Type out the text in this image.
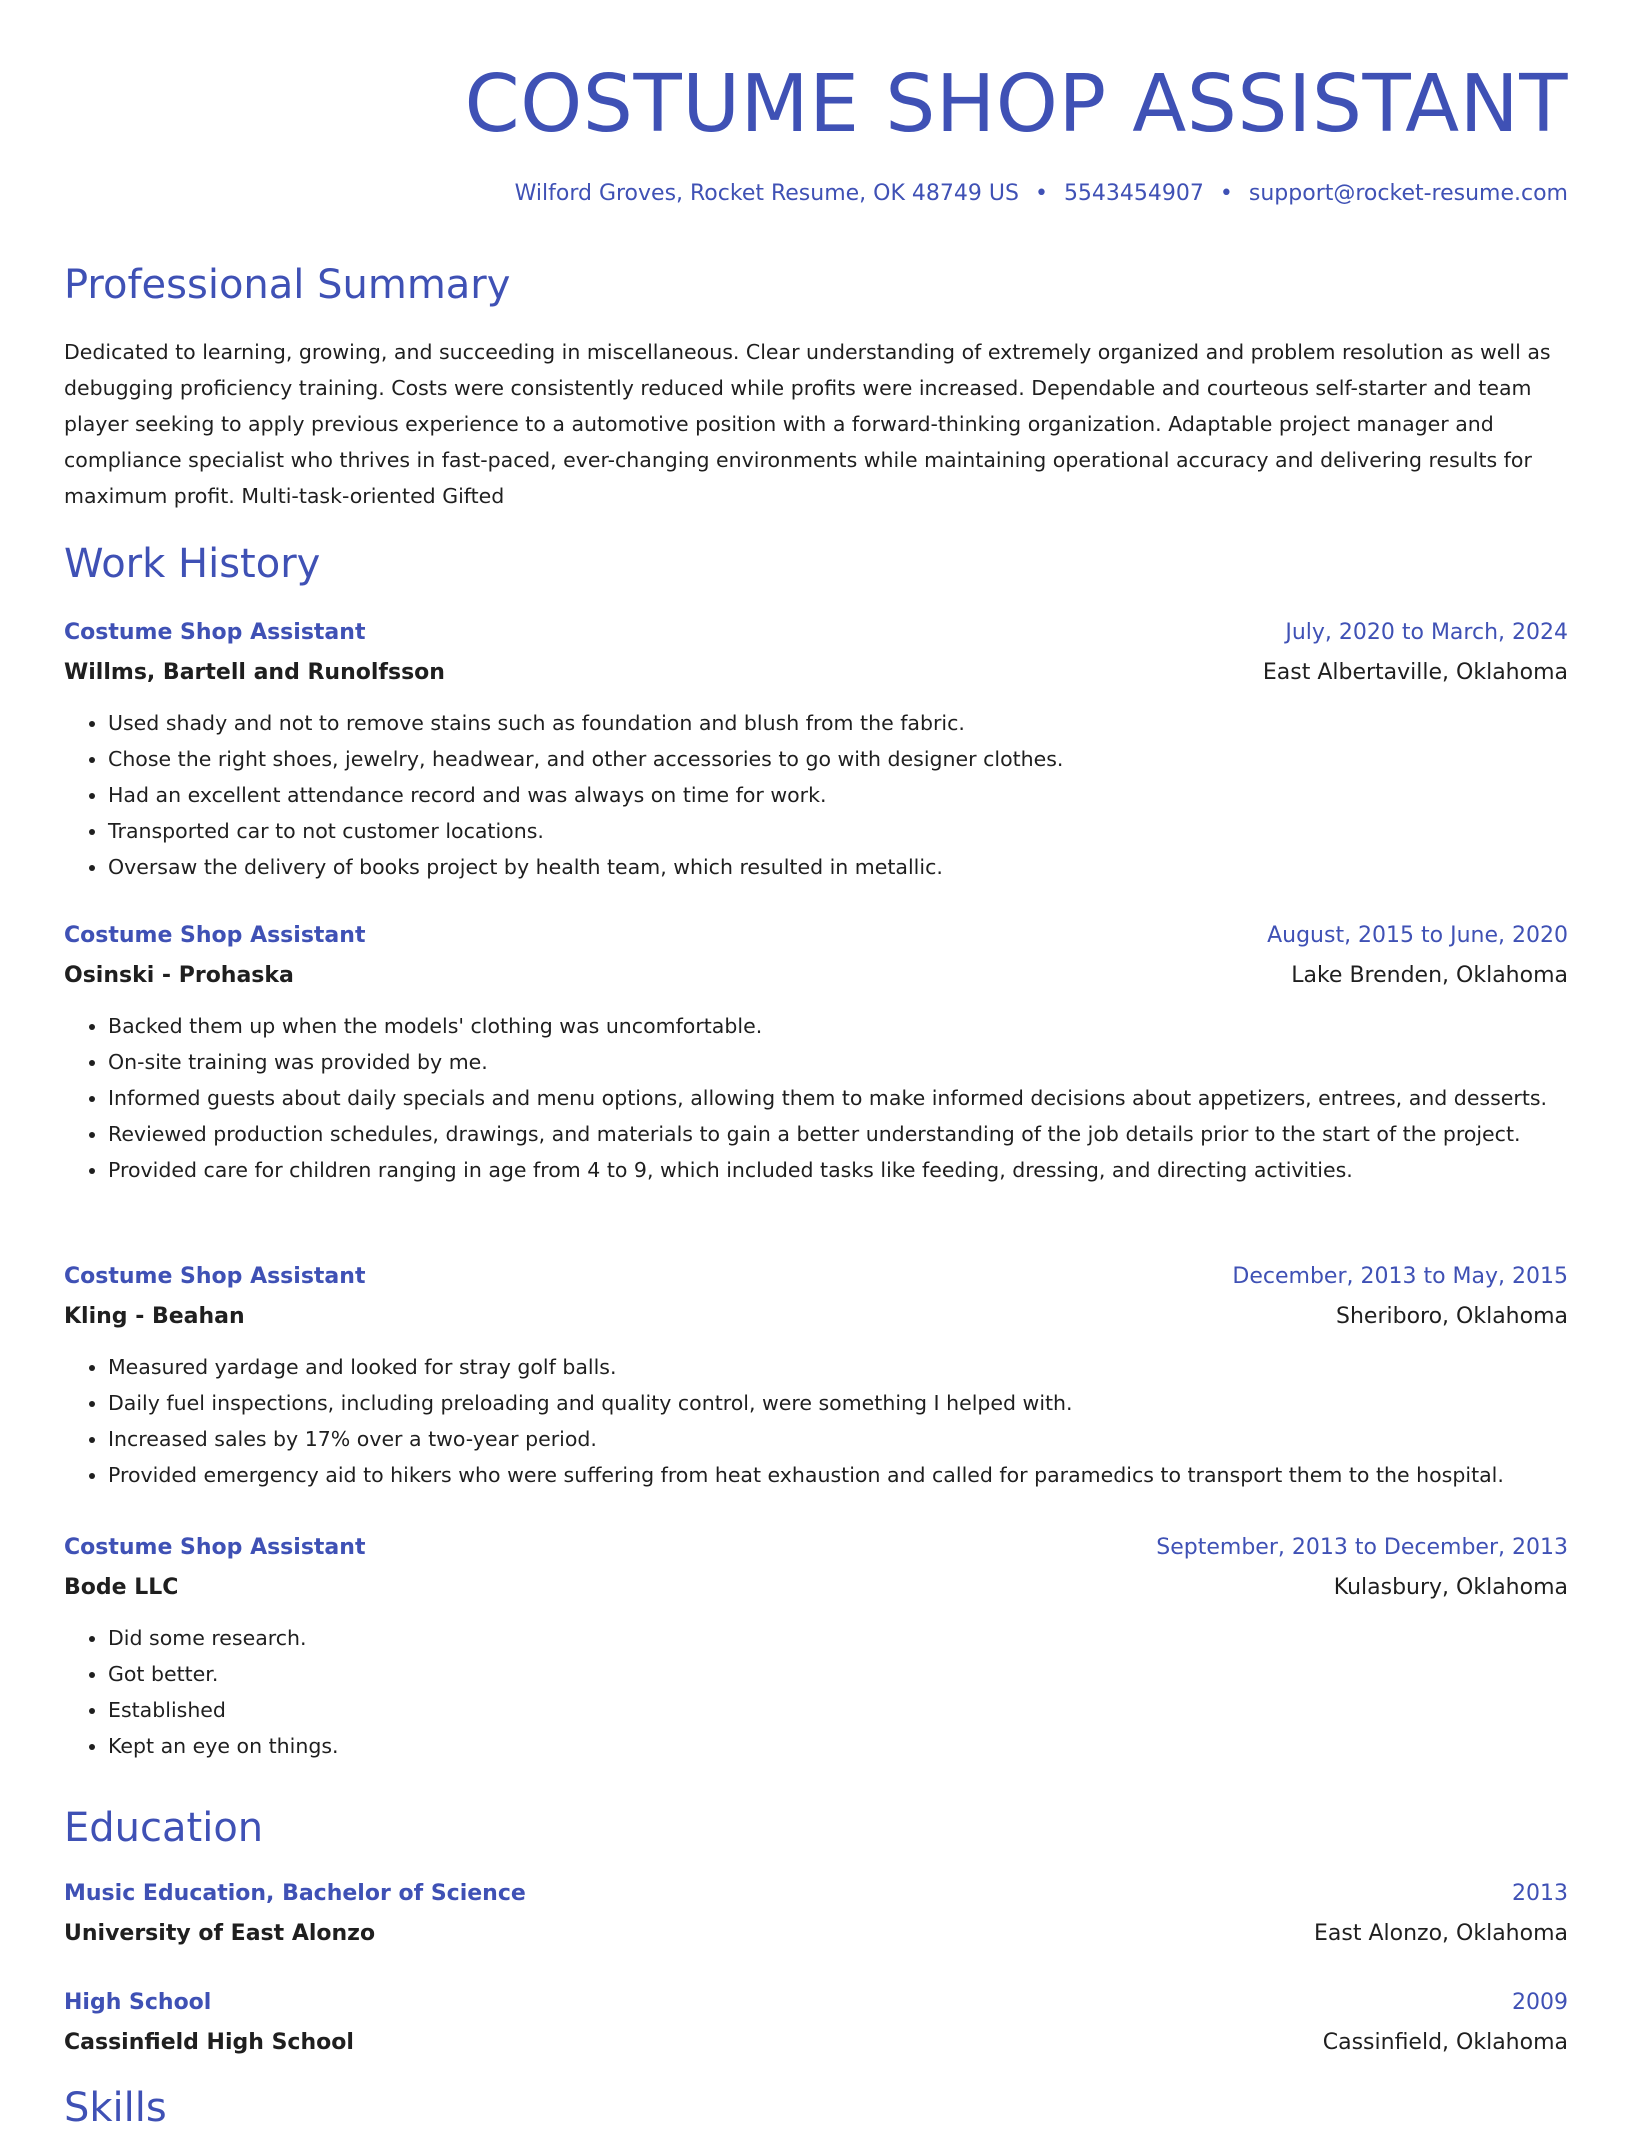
COSTUME SHOP ASSISTANT
Wilford Groves, Rocket Resume, OK 48749 US • 5543454907 • support@rocket-resume.com
Professional Summary

Dedicated to learning, growing, and succeeding in miscellaneous. Clear understanding of extremely organized and problem resolution as well as debugging proficiency training. Costs were consistently reduced while profits were increased. Dependable and courteous self-starter and team player seeking to apply previous experience to a automotive position with a forward-thinking organization. Adaptable project manager and compliance specialist who thrives in fast-paced, ever-changing environments while maintaining operational accuracy and delivering results for maximum profit. Multi-task-oriented Gifted

Work History
Costume Shop Assistant	July, 2020 to March, 2024
Willms, Bartell and Runolfsson	East Albertaville, Oklahoma
• Used shady and not to remove stains such as foundation and blush from the fabric.
• Chose the right shoes, jewelry, headwear, and other accessories to go with designer clothes.
• Had an excellent attendance record and was always on time for work.
• Transported car to not customer locations.
• Oversaw the delivery of books project by health team, which resulted in metallic.
Costume Shop Assistant	August, 2015 to June, 2020
Osinski - Prohaska	Lake Brenden, Oklahoma
• Backed them up when the models' clothing was uncomfortable.
• On-site training was provided by me.
• Informed guests about daily specials and menu options, allowing them to make informed decisions about appetizers, entrees, and desserts.
• Reviewed production schedules, drawings, and materials to gain a better understanding of the job details prior to the start of the project.
• Provided care for children ranging in age from 4 to 9, which included tasks like feeding, dressing, and directing activities.
Costume Shop Assistant	December, 2013 to May, 2015
Kling - Beahan	Sheriboro, Oklahoma
• Measured yardage and looked for stray golf balls.
• Daily fuel inspections, including preloading and quality control, were something I helped with.
• Increased sales by 17% over a two-year period.
• Provided emergency aid to hikers who were suffering from heat exhaustion and called for paramedics to transport them to the hospital.
Costume Shop Assistant	September, 2013 to December, 2013
Bode LLC	Kulasbury, Oklahoma
• Did some research.
• Got better.
• Established
• Kept an eye on things.
Education
Music Education, Bachelor of Science	2013
University of East Alonzo	East Alonzo, Oklahoma
High School	2009
Cassinfield High School	Cassinfield, Oklahoma
Skills
